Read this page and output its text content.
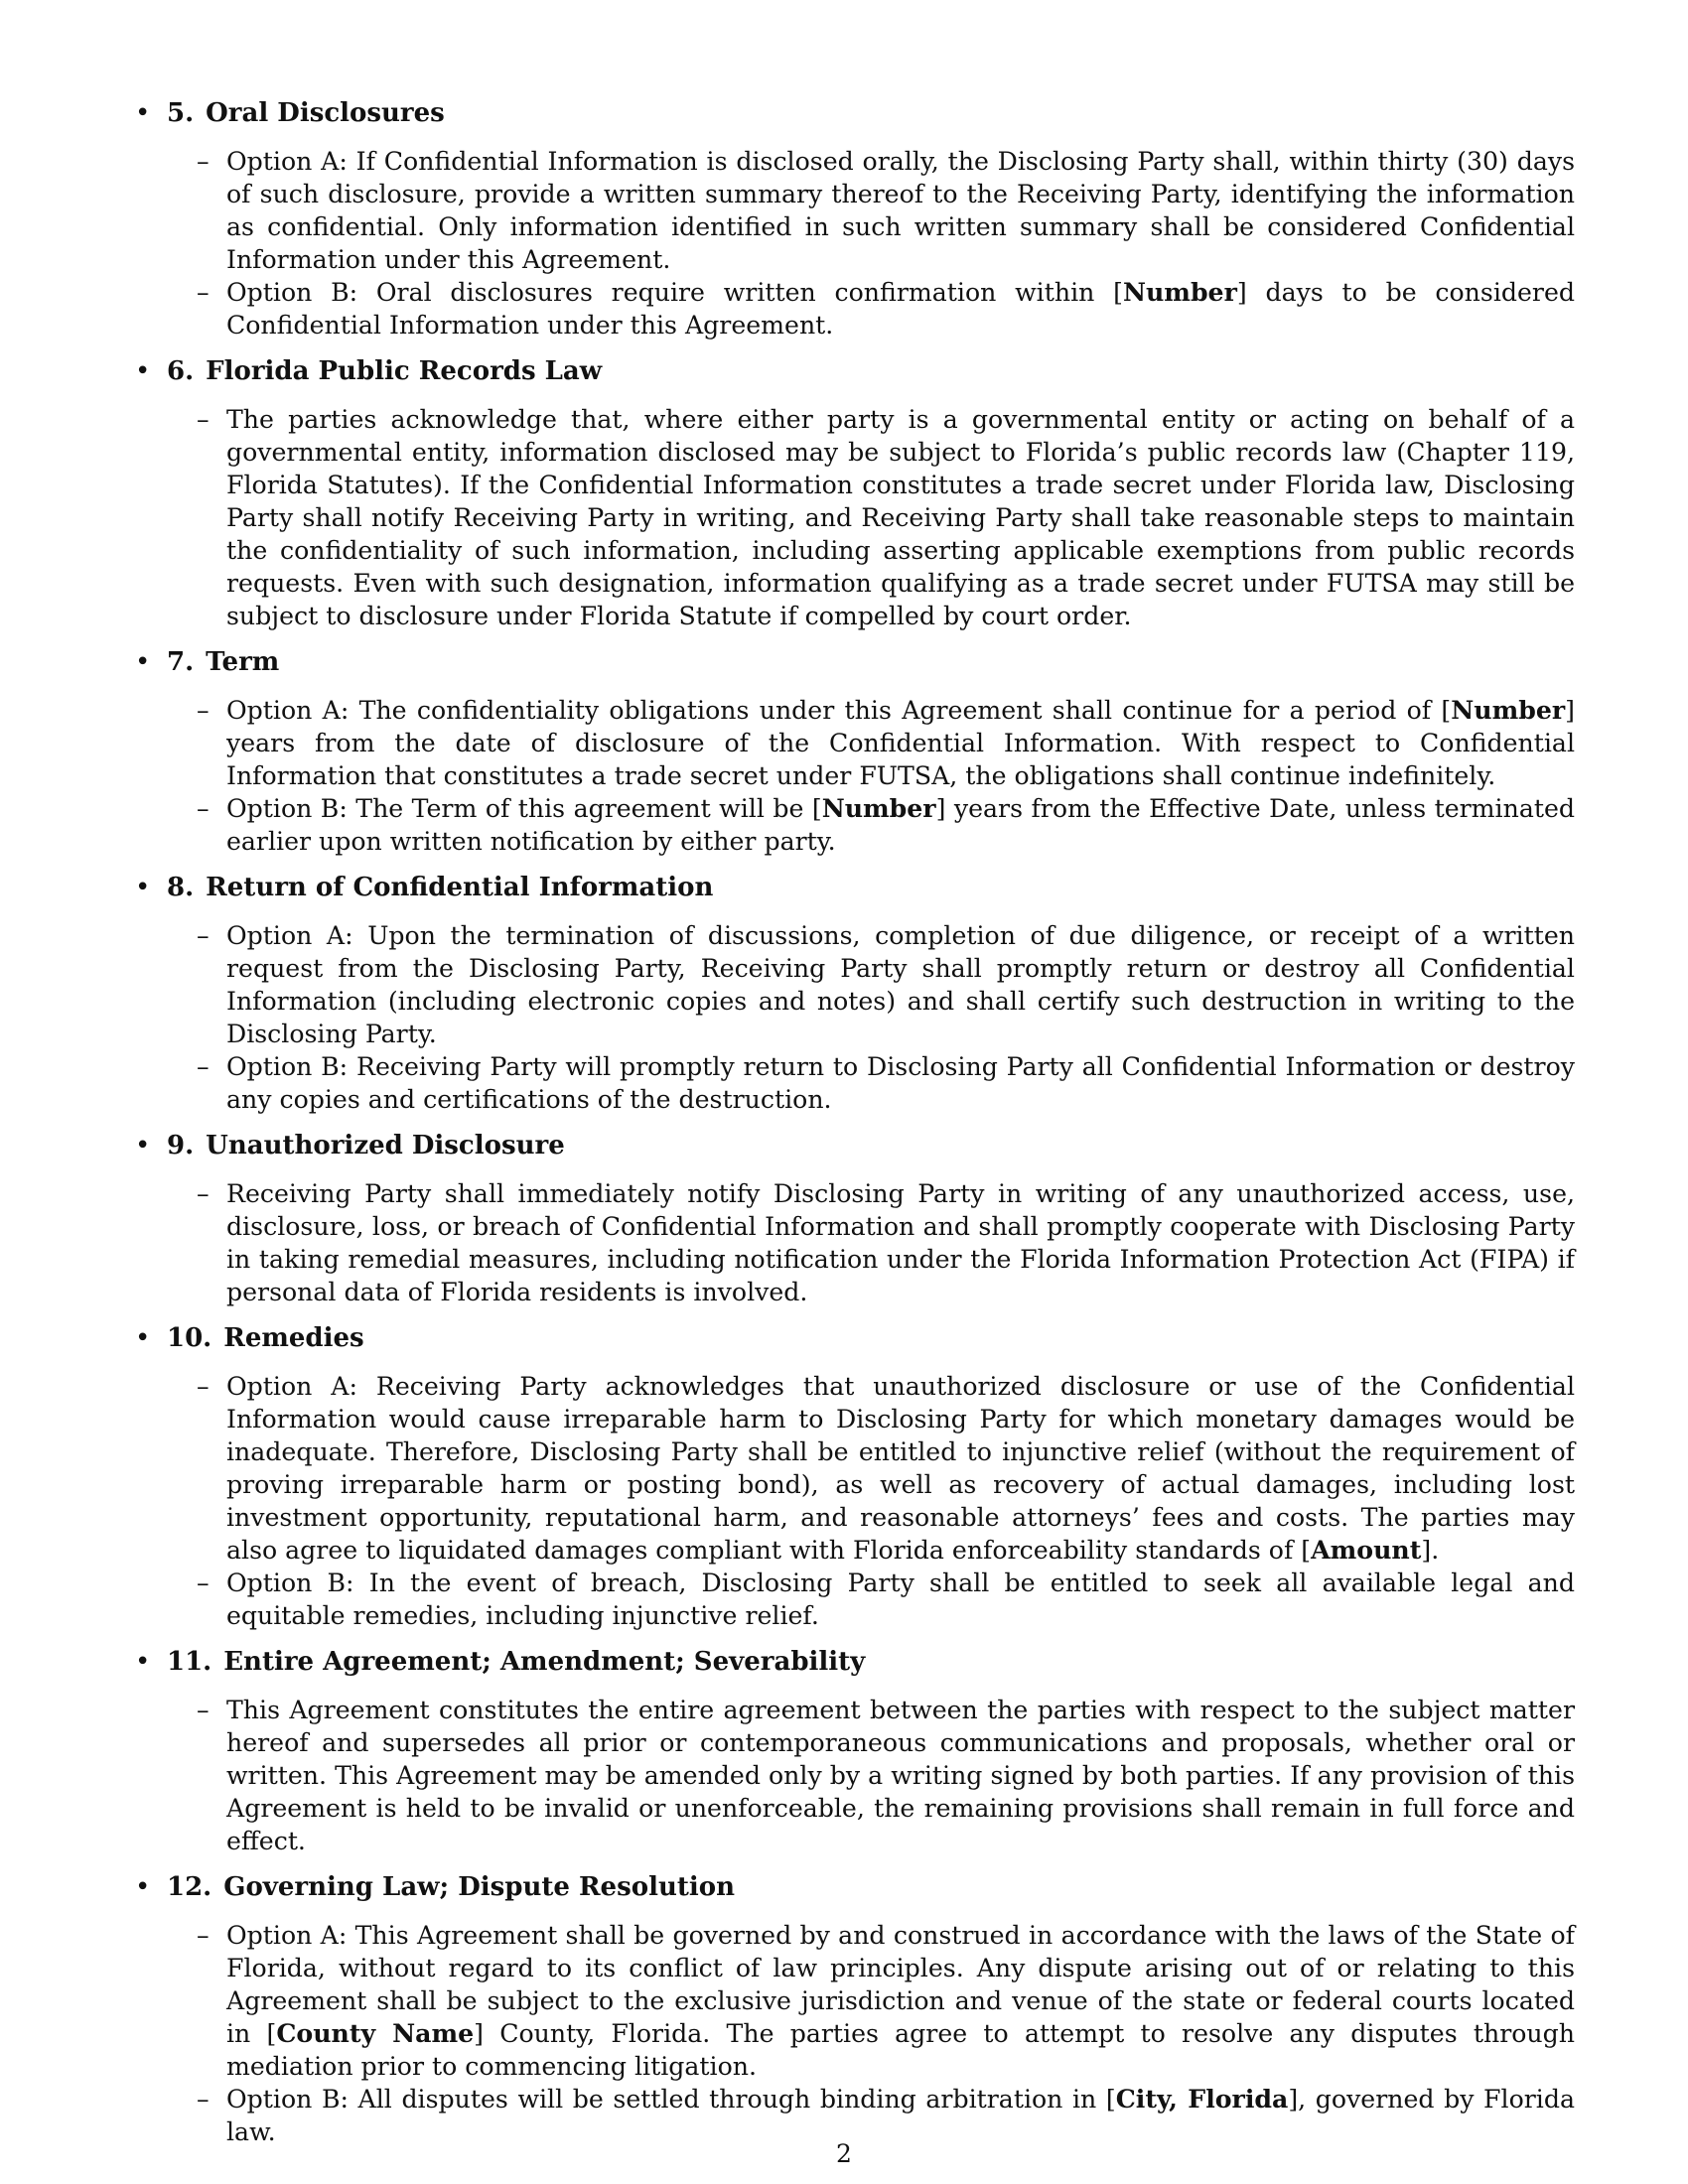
• 5. Oral Disclosures
– Option A: If Confidential Information is disclosed orally, the Disclosing Party shall, within thirty (30) days of such disclosure, provide a written summary thereof to the Receiving Party, identifying the information as confidential. Only information identified in such written summary shall be considered Confidential Information under this Agreement.
– Option B: Oral disclosures require written confirmation within [Number] days to be considered Confidential Information under this Agreement.
• 6. Florida Public Records Law
– The parties acknowledge that, where either party is a governmental entity or acting on behalf of a governmental entity, information disclosed may be subject to Florida’s public records law (Chapter 119, Florida Statutes). If the Confidential Information constitutes a trade secret under Florida law, Disclosing Party shall notify Receiving Party in writing, and Receiving Party shall take reasonable steps to maintain the confidentiality of such information, including asserting applicable exemptions from public records requests. Even with such designation, information qualifying as a trade secret under FUTSA may still be subject to disclosure under Florida Statute if compelled by court order.
• 7. Term
– Option A: The confidentiality obligations under this Agreement shall continue for a period of [Number] years from the date of disclosure of the Confidential Information. With respect to Confidential Information that constitutes a trade secret under FUTSA, the obligations shall continue indefinitely.
– Option B: The Term of this agreement will be [Number] years from the Effective Date, unless terminated earlier upon written notification by either party.
• 8. Return of Confidential Information
– Option A: Upon the termination of discussions, completion of due diligence, or receipt of a written request from the Disclosing Party, Receiving Party shall promptly return or destroy all Confidential Information (including electronic copies and notes) and shall certify such destruction in writing to the Disclosing Party.
– Option B: Receiving Party will promptly return to Disclosing Party all Confidential Information or destroy any copies and certifications of the destruction.
• 9. Unauthorized Disclosure
– Receiving Party shall immediately notify Disclosing Party in writing of any unauthorized access, use, disclosure, loss, or breach of Confidential Information and shall promptly cooperate with Disclosing Party in taking remedial measures, including notification under the Florida Information Protection Act (FIPA) if personal data of Florida residents is involved.
• 10. Remedies
– Option A: Receiving Party acknowledges that unauthorized disclosure or use of the Confidential Information would cause irreparable harm to Disclosing Party for which monetary damages would be inadequate. Therefore, Disclosing Party shall be entitled to injunctive relief (without the requirement of proving irreparable harm or posting bond), as well as recovery of actual damages, including lost investment opportunity, reputational harm, and reasonable attorneys’ fees and costs. The parties may also agree to liquidated damages compliant with Florida enforceability standards of [Amount].
– Option B: In the event of breach, Disclosing Party shall be entitled to seek all available legal and equitable remedies, including injunctive relief.
• 11. Entire Agreement; Amendment; Severability
– This Agreement constitutes the entire agreement between the parties with respect to the subject matter hereof and supersedes all prior or contemporaneous communications and proposals, whether oral or written. This Agreement may be amended only by a writing signed by both parties. If any provision of this Agreement is held to be invalid or unenforceable, the remaining provisions shall remain in full force and effect.
• 12. Governing Law; Dispute Resolution
– Option A: This Agreement shall be governed by and construed in accordance with the laws of the State of Florida, without regard to its conflict of law principles. Any dispute arising out of or relating to this Agreement shall be subject to the exclusive jurisdiction and venue of the state or federal courts located in [County Name] County, Florida. The parties agree to attempt to resolve any disputes through mediation prior to commencing litigation.
– Option B: All disputes will be settled through binding arbitration in [City, Florida], governed by Florida law.
2
